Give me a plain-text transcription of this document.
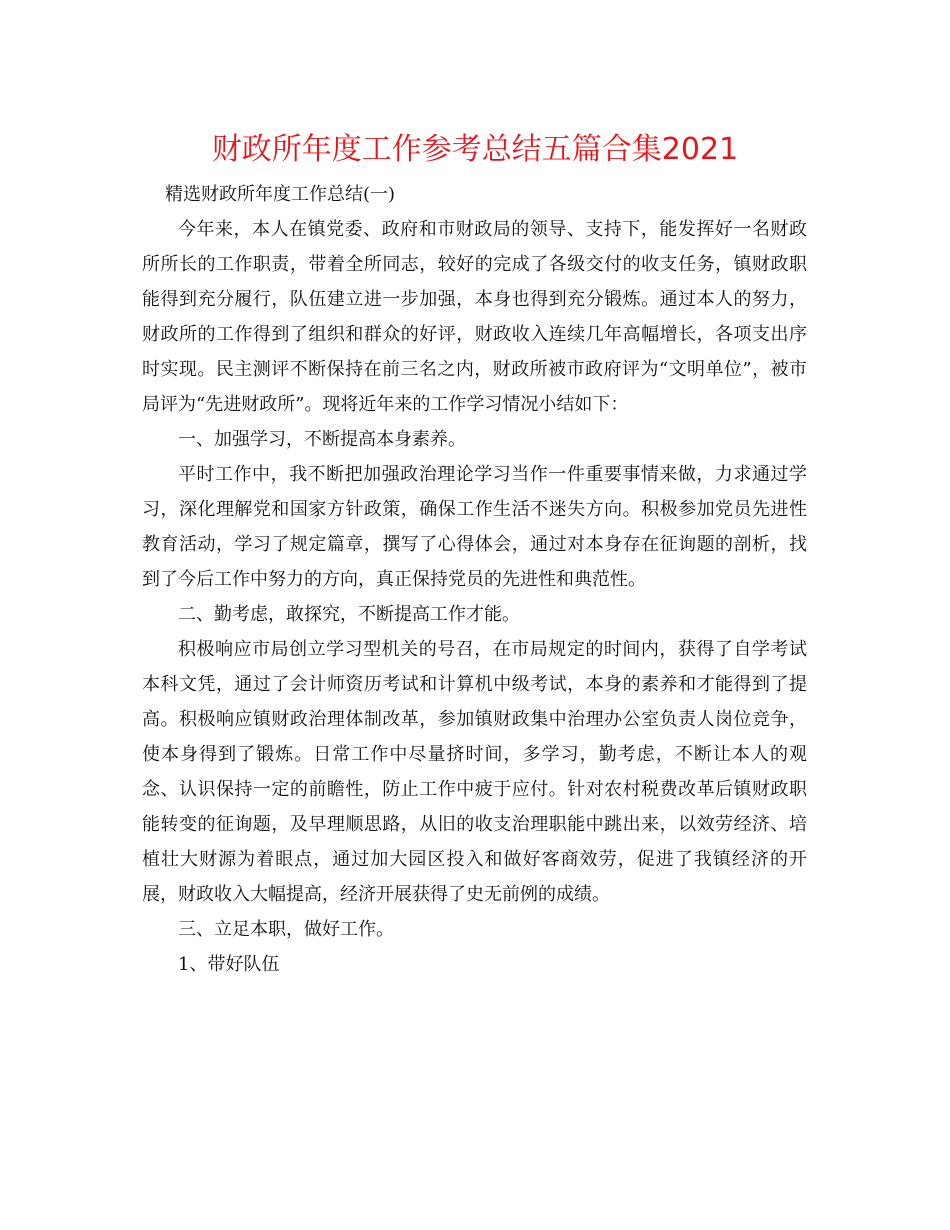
财政所年度工作参考总结五篇合集2021

精选财政所年度工作总结(一)

今年来，本人在镇党委、政府和市财政局的领导、支持下，能发挥好一名财政所所长的工作职责，带着全所同志，较好的完成了各级交付的收支任务，镇财政职能得到充分履行，队伍建立进一步加强，本身也得到充分锻炼。通过本人的努力，财政所的工作得到了组织和群众的好评，财政收入连续几年高幅增长，各项支出序时实现。民主测评不断保持在前三名之内，财政所被市政府评为“文明单位”，被市局评为“先进财政所”。现将近年来的工作学习情况小结如下：

一、加强学习，不断提高本身素养。

平时工作中，我不断把加强政治理论学习当作一件重要事情来做，力求通过学习，深化理解党和国家方针政策，确保工作生活不迷失方向。积极参加党员先进性教育活动，学习了规定篇章，撰写了心得体会，通过对本身存在征询题的剖析，找到了今后工作中努力的方向，真正保持党员的先进性和典范性。

二、勤考虑，敢探究，不断提高工作才能。

积极响应市局创立学习型机关的号召，在市局规定的时间内，获得了自学考试本科文凭，通过了会计师资历考试和计算机中级考试，本身的素养和才能得到了提高。积极响应镇财政治理体制改革，参加镇财政集中治理办公室负责人岗位竞争，使本身得到了锻炼。日常工作中尽量挤时间，多学习，勤考虑，不断让本人的观念、认识保持一定的前瞻性，防止工作中疲于应付。针对农村税费改革后镇财政职能转变的征询题，及早理顺思路，从旧的收支治理职能中跳出来，以效劳经济、培植壮大财源为着眼点，通过加大园区投入和做好客商效劳，促进了我镇经济的开展，财政收入大幅提高，经济开展获得了史无前例的成绩。

三、立足本职，做好工作。

1、带好队伍
